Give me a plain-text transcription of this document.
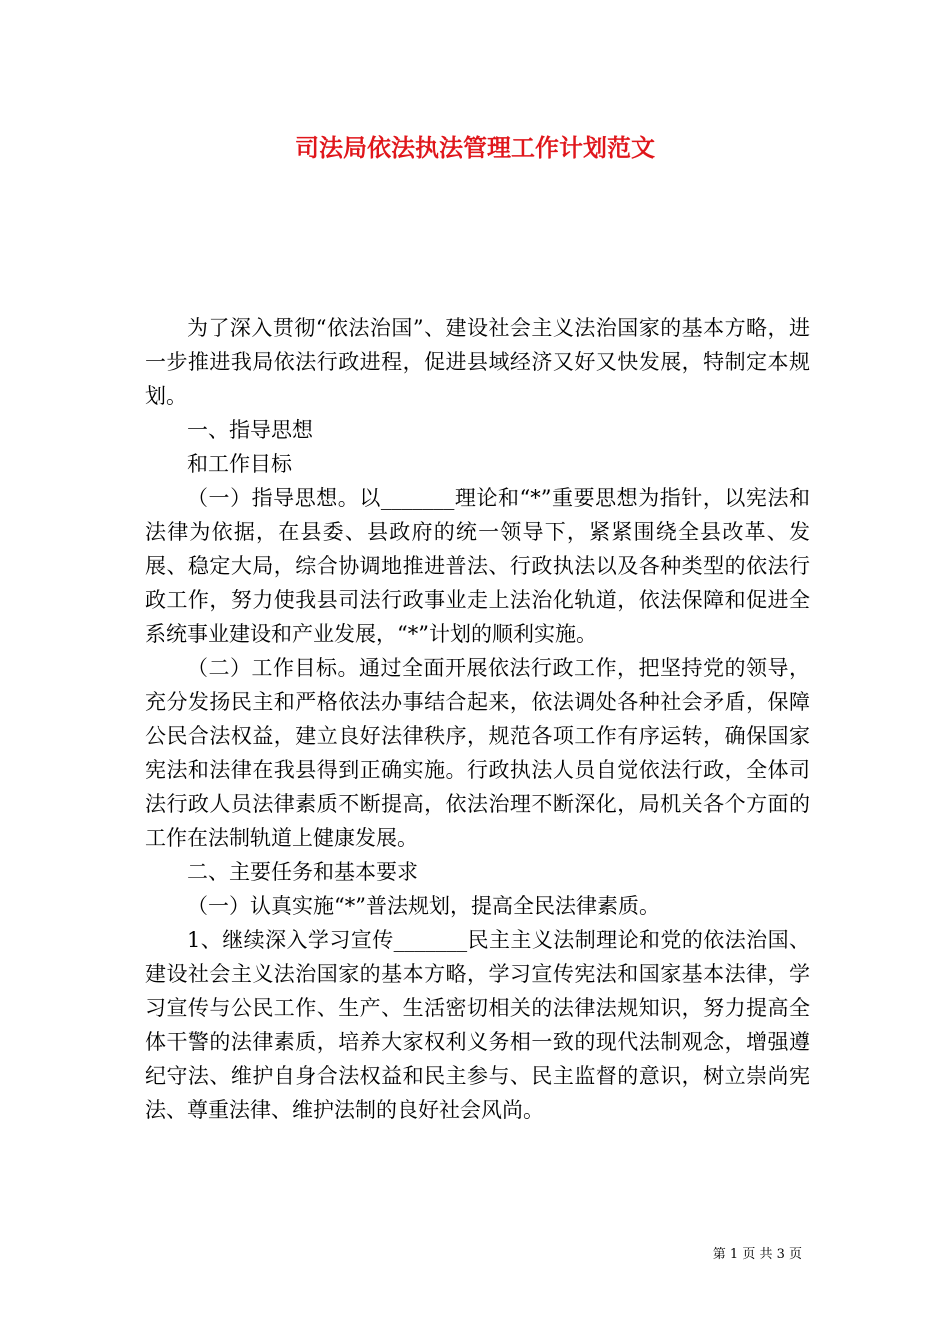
司法局依法执法管理工作计划范文

为了深入贯彻“依法治国”、建设社会主义法治国家的基本方略，进一步推进我局依法行政进程，促进县域经济又好又快发展，特制定本规划。

一、指导思想

和工作目标

（一）指导思想。以_______理论和“*”重要思想为指针，以宪法和法律为依据，在县委、县政府的统一领导下，紧紧围绕全县改革、发展、稳定大局，综合协调地推进普法、行政执法以及各种类型的依法行政工作，努力使我县司法行政事业走上法治化轨道，依法保障和促进全系统事业建设和产业发展，“*”计划的顺利实施。

（二）工作目标。通过全面开展依法行政工作，把坚持党的领导，充分发扬民主和严格依法办事结合起来，依法调处各种社会矛盾，保障公民合法权益，建立良好法律秩序，规范各项工作有序运转，确保国家宪法和法律在我县得到正确实施。行政执法人员自觉依法行政，全体司法行政人员法律素质不断提高，依法治理不断深化，局机关各个方面的工作在法制轨道上健康发展。

二、主要任务和基本要求

（一）认真实施“*”普法规划，提高全民法律素质。

1、继续深入学习宣传_______民主主义法制理论和党的依法治国、建设社会主义法治国家的基本方略，学习宣传宪法和国家基本法律，学习宣传与公民工作、生产、生活密切相关的法律法规知识，努力提高全体干警的法律素质，培养大家权利义务相一致的现代法制观念，增强遵纪守法、维护自身合法权益和民主参与、民主监督的意识，树立崇尚宪法、尊重法律、维护法制的良好社会风尚。

第 1 页 共 3 页
